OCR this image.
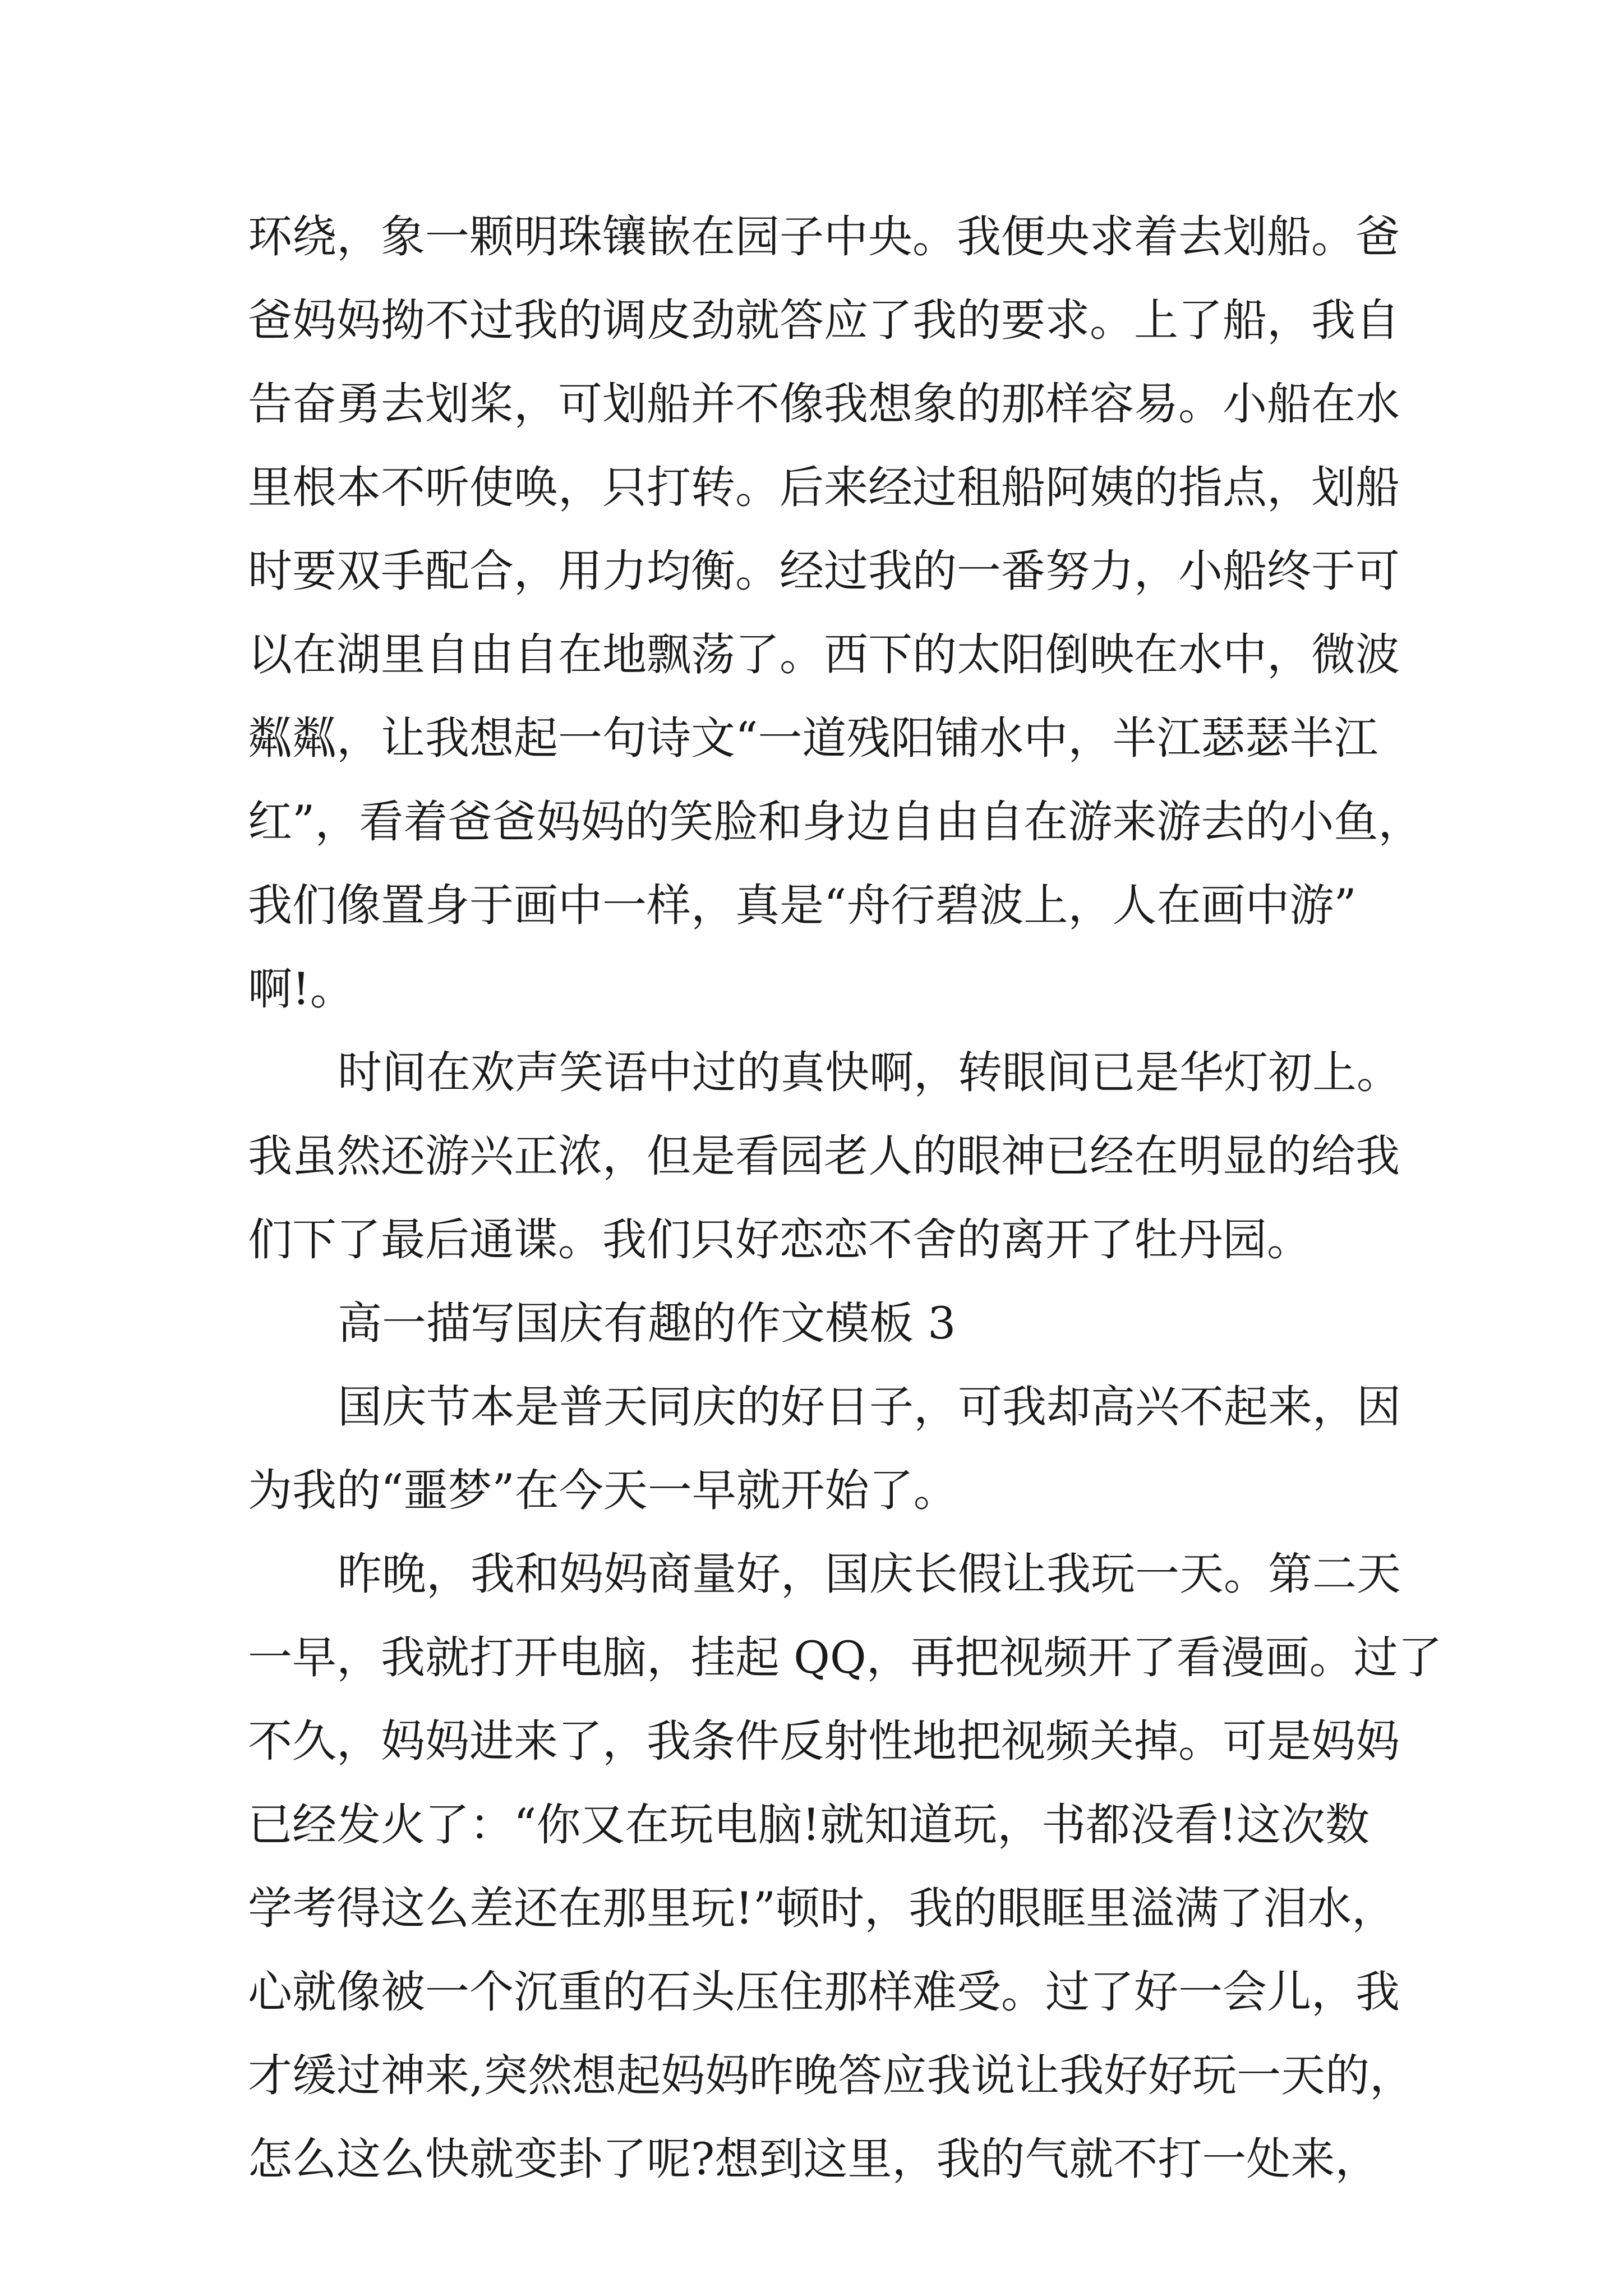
环绕，象一颗明珠镶嵌在园子中央。我便央求着去划船。爸
爸妈妈拗不过我的调皮劲就答应了我的要求。上了船，我自
告奋勇去划桨，可划船并不像我想象的那样容易。小船在水
里根本不听使唤，只打转。后来经过租船阿姨的指点，划船
时要双手配合，用力均衡。经过我的一番努力，小船终于可
以在湖里自由自在地飘荡了。西下的太阳倒映在水中，微波
粼粼，让我想起一句诗文“一道残阳铺水中，半江瑟瑟半江
红”，看着爸爸妈妈的笑脸和身边自由自在游来游去的小鱼，
我们像置身于画中一样，真是“舟行碧波上，人在画中游”
啊!。
时间在欢声笑语中过的真快啊，转眼间已是华灯初上。
我虽然还游兴正浓，但是看园老人的眼神已经在明显的给我
们下了最后通谍。我们只好恋恋不舍的离开了牡丹园。
高一描写国庆有趣的作文模板 3
国庆节本是普天同庆的好日子，可我却高兴不起来，因
为我的“噩梦”在今天一早就开始了。
昨晚，我和妈妈商量好，国庆长假让我玩一天。第二天
一早，我就打开电脑，挂起 QQ，再把视频开了看漫画。过了
不久，妈妈进来了，我条件反射性地把视频关掉。可是妈妈
已经发火了：“你又在玩电脑!就知道玩，书都没看!这次数
学考得这么差还在那里玩!”顿时，我的眼眶里溢满了泪水，
心就像被一个沉重的石头压住那样难受。过了好一会儿，我
才缓过神来,突然想起妈妈昨晚答应我说让我好好玩一天的，
怎么这么快就变卦了呢?想到这里，我的气就不打一处来，
